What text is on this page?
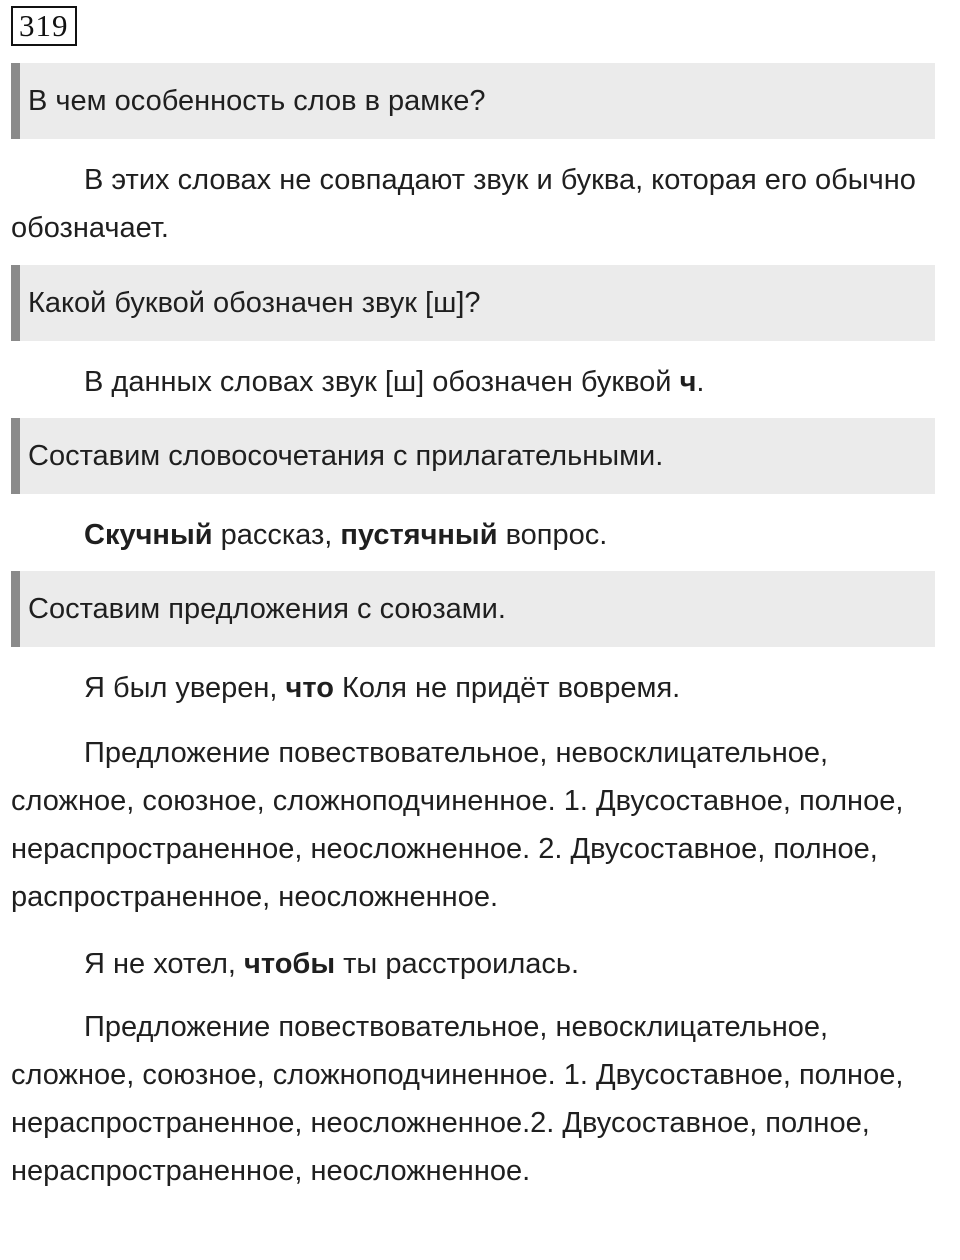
319
В чем особенность слов в рамке?
В этих словах не совпадают звук и буква, которая его обычно обозначает.
Какой буквой обозначен звук [ш]?
В данных словах звук [ш] обозначен буквой ч.
Составим словосочетания с прилагательными.
Скучный рассказ, пустячный вопрос.
Составим предложения с союзами.
Я был уверен, что Коля не придёт вовремя.
Предложение повествовательное, невосклицательное, сложное, союзное, сложноподчиненное. 1. Двусоставное, полное, нераспространенное, неосложненное. 2. Двусоставное, полное, распространенное, неосложненное.
Я не хотел, чтобы ты расстроилась.
Предложение повествовательное, невосклицательное, сложное, союзное, сложноподчиненное. 1. Двусоставное, полное, нераспространенное, неосложненное.2. Двусоставное, полное, нераспространенное, неосложненное.
